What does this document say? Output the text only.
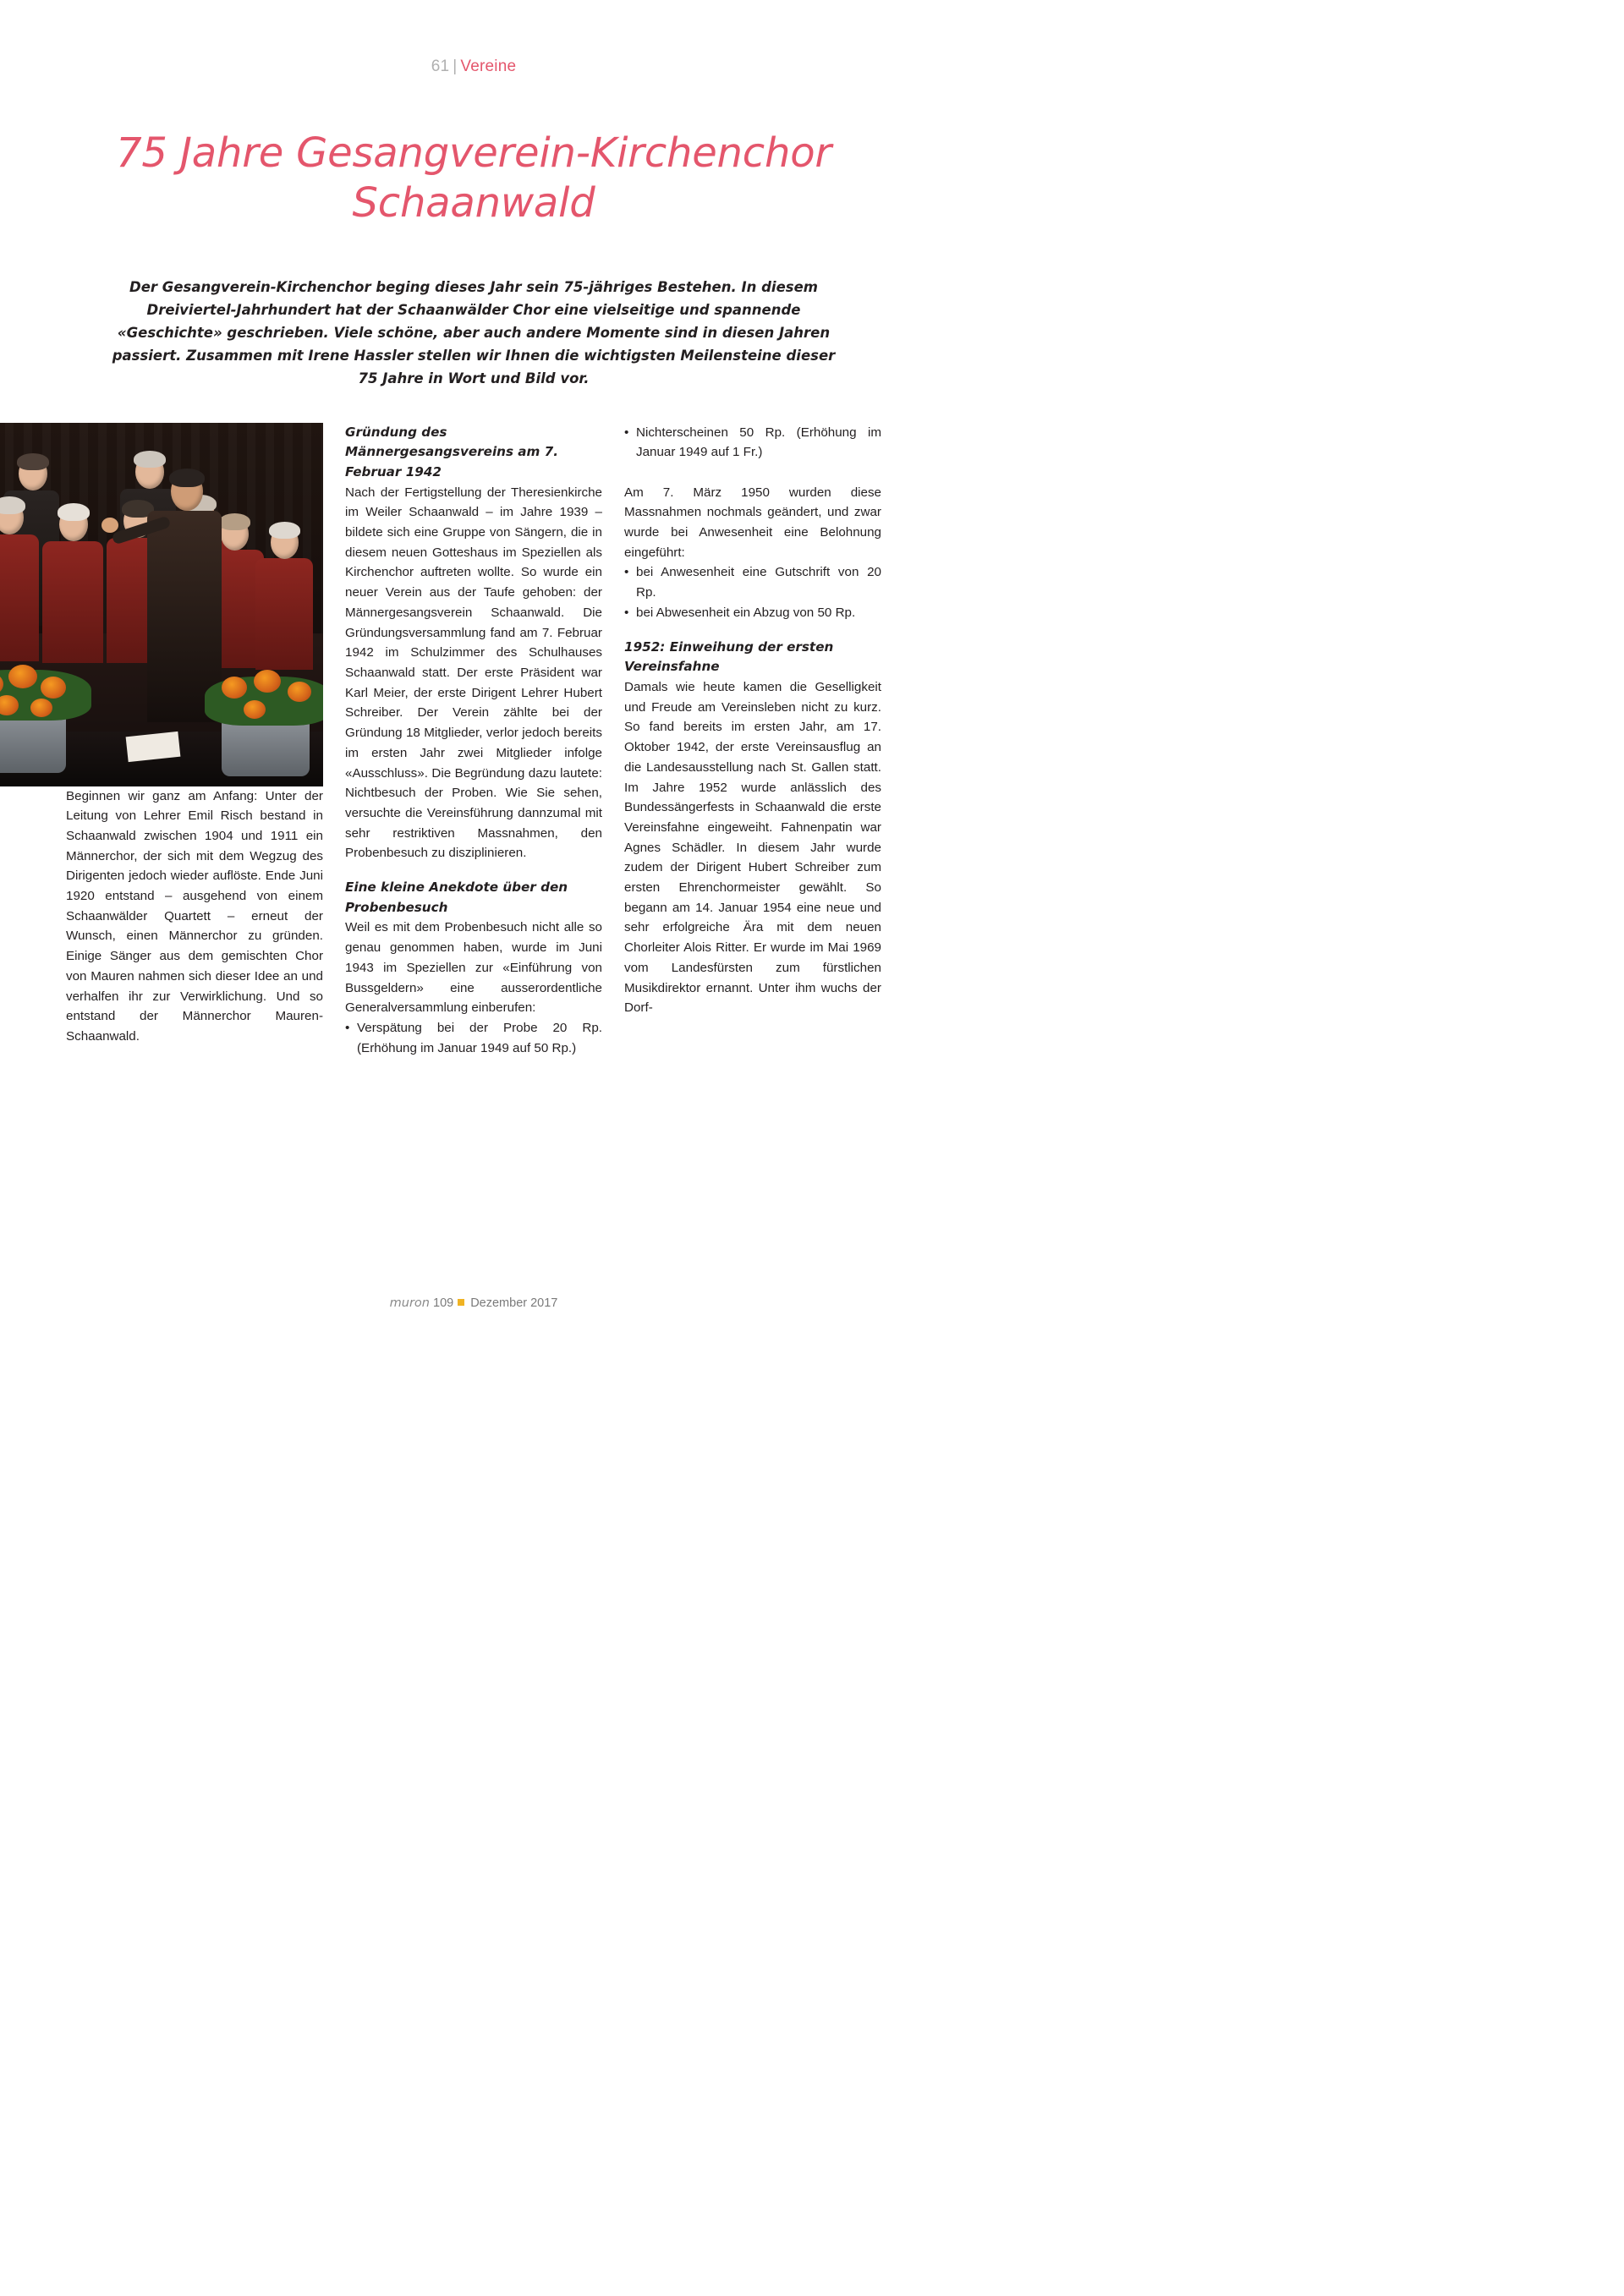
61 | Vereine
75 Jahre Gesangverein-Kirchenchor Schaanwald
Der Gesangverein-Kirchenchor beging dieses Jahr sein 75-jähriges Bestehen. In diesem Dreiviertel-Jahrhundert hat der Schaanwälder Chor eine vielseitige und spannende «Geschichte» geschrieben. Viele schöne, aber auch andere Momente sind in diesen Jahren passiert. Zusammen mit Irene Hassler stellen wir Ihnen die wichtigsten Meilensteine dieser 75 Jahre in Wort und Bild vor.

Beginnen wir ganz am Anfang: Unter der Leitung von Lehrer Emil Risch bestand in Schaanwald zwischen 1904 und 1911 ein Männerchor, der sich mit dem Wegzug des Dirigenten jedoch wieder auflöste. Ende Juni 1920 entstand – ausgehend von einem Schaanwälder Quartett – erneut der Wunsch, einen Männerchor zu gründen. Einige Sänger aus dem gemischten Chor von Mauren nahmen sich dieser Idee an und verhalfen ihr zur Verwirklichung. Und so entstand der Männerchor Mauren-Schaanwald.

Gründung des Männergesangsvereins am 7. Februar 1942

Nach der Fertigstellung der Theresienkirche im Weiler Schaanwald – im Jahre 1939 – bildete sich eine Gruppe von Sängern, die in diesem neuen Gotteshaus im Speziellen als Kirchenchor auftreten wollte. So wurde ein neuer Verein aus der Taufe gehoben: der Männergesangsverein Schaanwald. Die Gründungsversammlung fand am 7. Februar 1942 im Schulzimmer des Schulhauses Schaanwald statt. Der erste Präsident war Karl Meier, der erste Dirigent Lehrer Hubert Schreiber. Der Verein zählte bei der Gründung 18 Mitglieder, verlor jedoch bereits im ersten Jahr zwei Mitglieder infolge «Ausschluss». Die Begründung dazu lautete: Nichtbesuch der Proben. Wie Sie sehen, versuchte die Vereinsführung dannzumal mit sehr restriktiven Massnahmen, den Probenbesuch zu disziplinieren.

Eine kleine Anekdote über den Probenbesuch

Weil es mit dem Probenbesuch nicht alle so genau genommen haben, wurde im Juni 1943 im Speziellen zur «Einführung von Bussgeldern» eine ausserordentliche Generalversammlung einberufen:

• Verspätung bei der Probe 20 Rp. (Erhöhung im Januar 1949 auf 50 Rp.)
• Nichterscheinen 50 Rp. (Erhöhung im Januar 1949 auf 1 Fr.)

Am 7. März 1950 wurden diese Massnahmen nochmals geändert, und zwar wurde bei Anwesenheit eine Belohnung eingeführt:

• bei Anwesenheit eine Gutschrift von 20 Rp.
• bei Abwesenheit ein Abzug von 50 Rp.
1952: Einweihung der ersten Vereinsfahne

Damals wie heute kamen die Geselligkeit und Freude am Vereinsleben nicht zu kurz. So fand bereits im ersten Jahr, am 17. Oktober 1942, der erste Vereinsausflug an die Landesausstellung nach St. Gallen statt. Im Jahre 1952 wurde anlässlich des Bundessängerfests in Schaanwald die erste Vereinsfahne eingeweiht. Fahnenpatin war Agnes Schädler. In diesem Jahr wurde zudem der Dirigent Hubert Schreiber zum ersten Ehrenchormeister gewählt. So begann am 14. Januar 1954 eine neue und sehr erfolgreiche Ära mit dem neuen Chorleiter Alois Ritter. Er wurde im Mai 1969 vom Landesfürsten zum fürstlichen Musikdirektor ernannt. Unter ihm wuchs der Dorf-

muron 109 Dezember 2017
